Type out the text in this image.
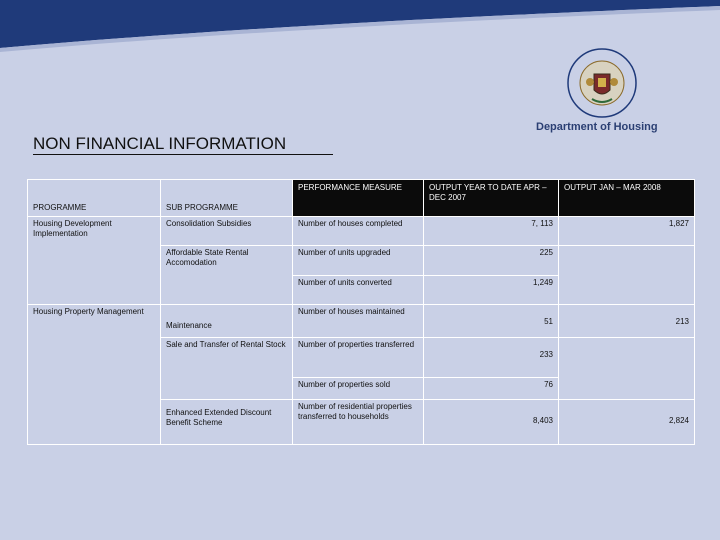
Department of Housing
NON FINANCIAL INFORMATION
PROGRAMME	SUB PROGRAMME	PERFORMANCE MEASURE	OUTPUT YEAR TO DATE APR – DEC 2007	OUTPUT JAN – MAR 2008
Housing Development Implementation	Consolidation Subsidies	Number of houses completed	7, 113	1,827
	Affordable State Rental Accomodation	Number of units upgraded	225	
		Number of units converted	1,249	
Housing Property Management	Maintenance	Number of houses maintained	51	213

	Sale and Transfer of Rental Stock	Number of properties transferred	233	

		Number of properties sold	76	

	Enhanced Extended Discount Benefit Scheme	Number of residential properties transferred to households	8,403	2,824
